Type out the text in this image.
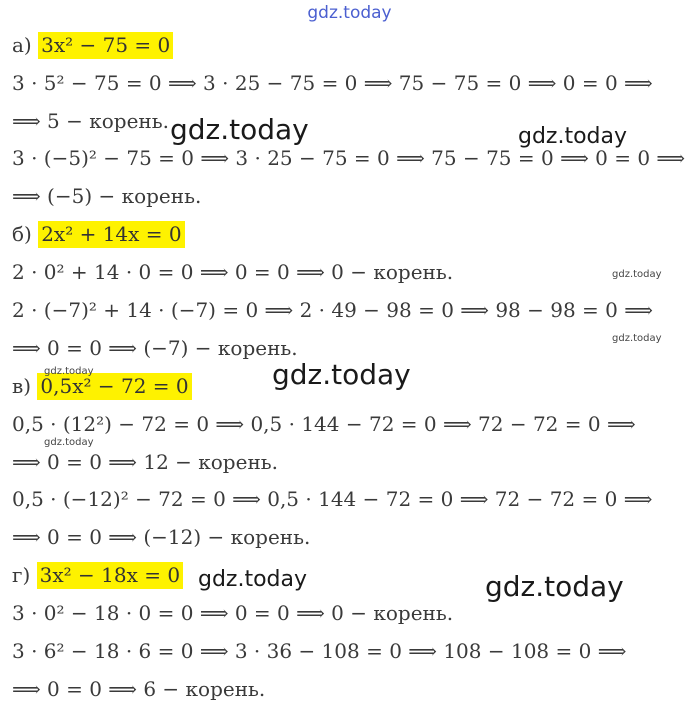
gdz.today
а) 3x² − 75 = 0
3 · 5² − 75 = 0 ⟹ 3 · 25 − 75 = 0 ⟹ 75 − 75 = 0 ⟹ 0 = 0 ⟹
⟹ 5 − корень.
3 · (−5)² − 75 = 0 ⟹ 3 · 25 − 75 = 0 ⟹ 75 − 75 = 0 ⟹ 0 = 0 ⟹
⟹ (−5) − корень.
б) 2x² + 14x = 0
2 · 0² + 14 · 0 = 0 ⟹ 0 = 0 ⟹ 0 − корень.
2 · (−7)² + 14 · (−7) = 0 ⟹ 2 · 49 − 98 = 0 ⟹ 98 − 98 = 0 ⟹
⟹ 0 = 0 ⟹ (−7) − корень.
в) 0,5x² − 72 = 0
0,5 · (12²) − 72 = 0 ⟹ 0,5 · 144 − 72 = 0 ⟹ 72 − 72 = 0 ⟹
⟹ 0 = 0 ⟹ 12 − корень.
0,5 · (−12)² − 72 = 0 ⟹ 0,5 · 144 − 72 = 0 ⟹ 72 − 72 = 0 ⟹
⟹ 0 = 0 ⟹ (−12) − корень.
г) 3x² − 18x = 0
3 · 0² − 18 · 0 = 0 ⟹ 0 = 0 ⟹ 0 − корень.
3 · 6² − 18 · 6 = 0 ⟹ 3 · 36 − 108 = 0 ⟹ 108 − 108 = 0 ⟹
⟹ 0 = 0 ⟹ 6 − корень.
gdz.today	gdz.today
gdz.today
gdz.today
gdz.today	gdz.today
gdz.today
gdz.today	gdz.today
